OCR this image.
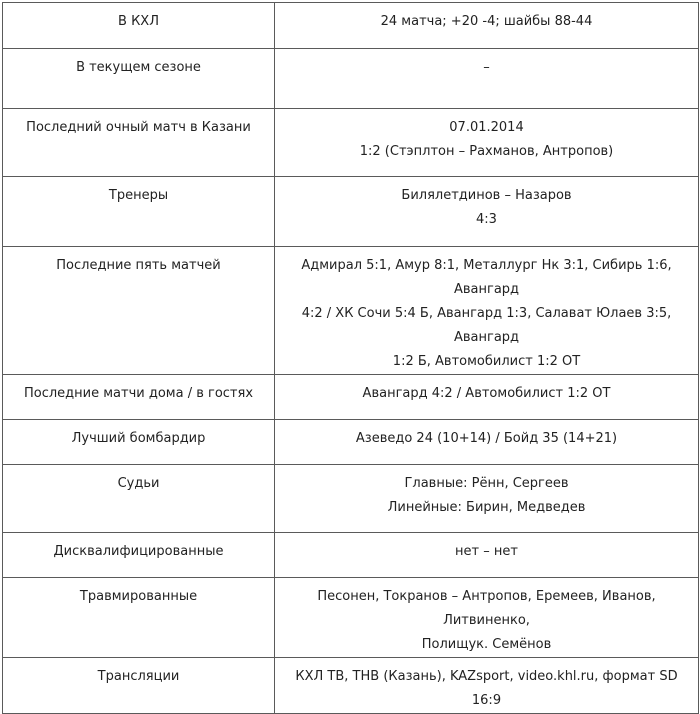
В КХЛ	24 матча; +20 -4; шайбы 88-44

В текущем сезоне	–

Последний очный матч в Казани	07.01.2014
1:2 (Стэплтон – Рахманов, Антропов)

Тренеры	Билялетдинов – Назаров
4:3

Последние пять матчей	Адмирал 5:1, Амур 8:1, Металлург Нк 3:1, Сибирь 1:6, Авангард
4:2 / ХК Сочи 5:4 Б, Авангард 1:3, Салават Юлаев 3:5, Авангард
1:2 Б, Автомобилист 1:2 ОТ

Последние матчи дома / в гостях	Авангард 4:2 / Автомобилист 1:2 ОТ

Лучший бомбардир	Азеведо 24 (10+14) / Бойд 35 (14+21)

Судьи	Главные: Рённ, Сергеев
Линейные: Бирин, Медведев

Дисквалифицированные	нет – нет

Травмированные	Песонен, Токранов – Антропов, Еремеев, Иванов, Литвиненко,
Полищук. Семёнов

Трансляции	КХЛ ТВ, ТНВ (Казань), KAZsport, video.khl.ru, формат SD 16:9
